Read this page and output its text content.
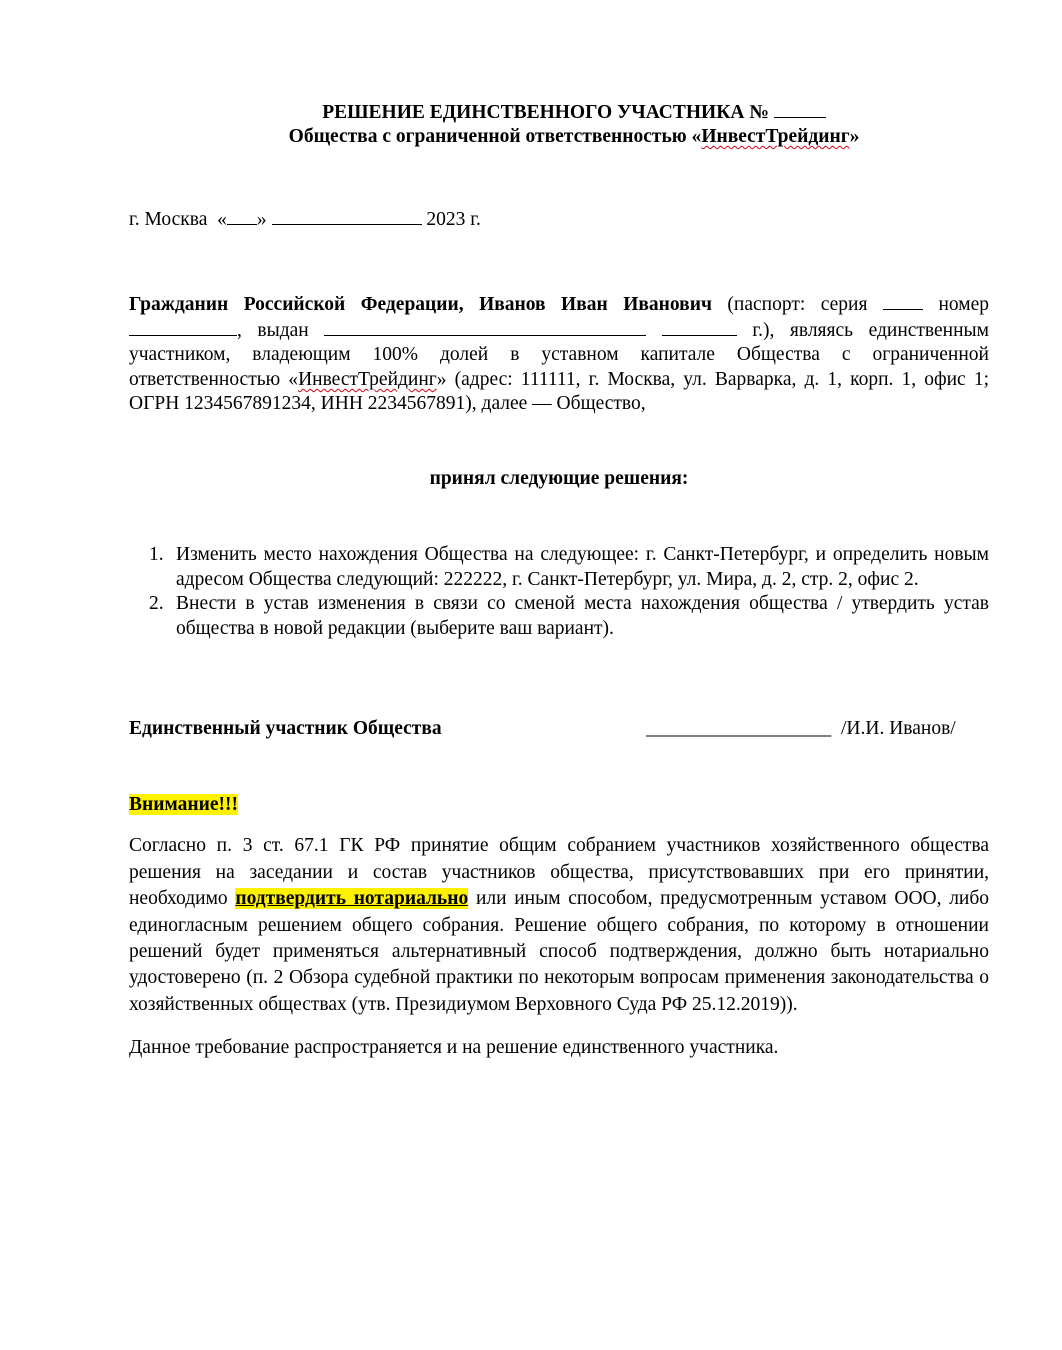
РЕШЕНИЕ ЕДИНСТВЕННОГО УЧАСТНИКА №
Общества с ограниченной ответственностью «ИнвестТрейдинг»
г. Москва « »	2023 г.
Гражданин Российской Федерации, Иванов Иван Иванович (паспорт: серия	номер , выдан	г.), являясь единственным участником, владеющим 100% долей в уставном капитале Общества с ограниченной ответственностью «ИнвестТрейдинг» (адрес: 111111, г. Москва, ул. Варварка, д. 1, корп. 1, офис 1; ОГРН 1234567891234, ИНН 2234567891), далее — Общество,
принял следующие решения:
1. Изменить место нахождения Общества на следующее: г. Санкт-Петербург, и определить новым адресом Общества следующий: 222222, г. Санкт-Петербург, ул. Мира, д. 2, стр. 2, офис 2.
2. Внести в устав изменения в связи со сменой места нахождения общества / утвердить устав общества в новой редакции (выберите ваш вариант).
Единственный участник Общества	___________________ /И.И. Иванов/
Внимание!!!
Согласно п. 3 ст. 67.1 ГК РФ принятие общим собранием участников хозяйственного общества решения на заседании и состав участников общества, присутствовавших при его принятии, необходимо подтвердить нотариально или иным способом, предусмотренным уставом ООО, либо единогласным решением общего собрания. Решение общего собрания, по которому в отношении решений будет применяться альтернативный способ подтверждения, должно быть нотариально удостоверено (п. 2 Обзора судебной практики по некоторым вопросам применения законодательства о хозяйственных обществах (утв. Президиумом Верховного Суда РФ 25.12.2019)).
Данное требование распространяется и на решение единственного участника.
